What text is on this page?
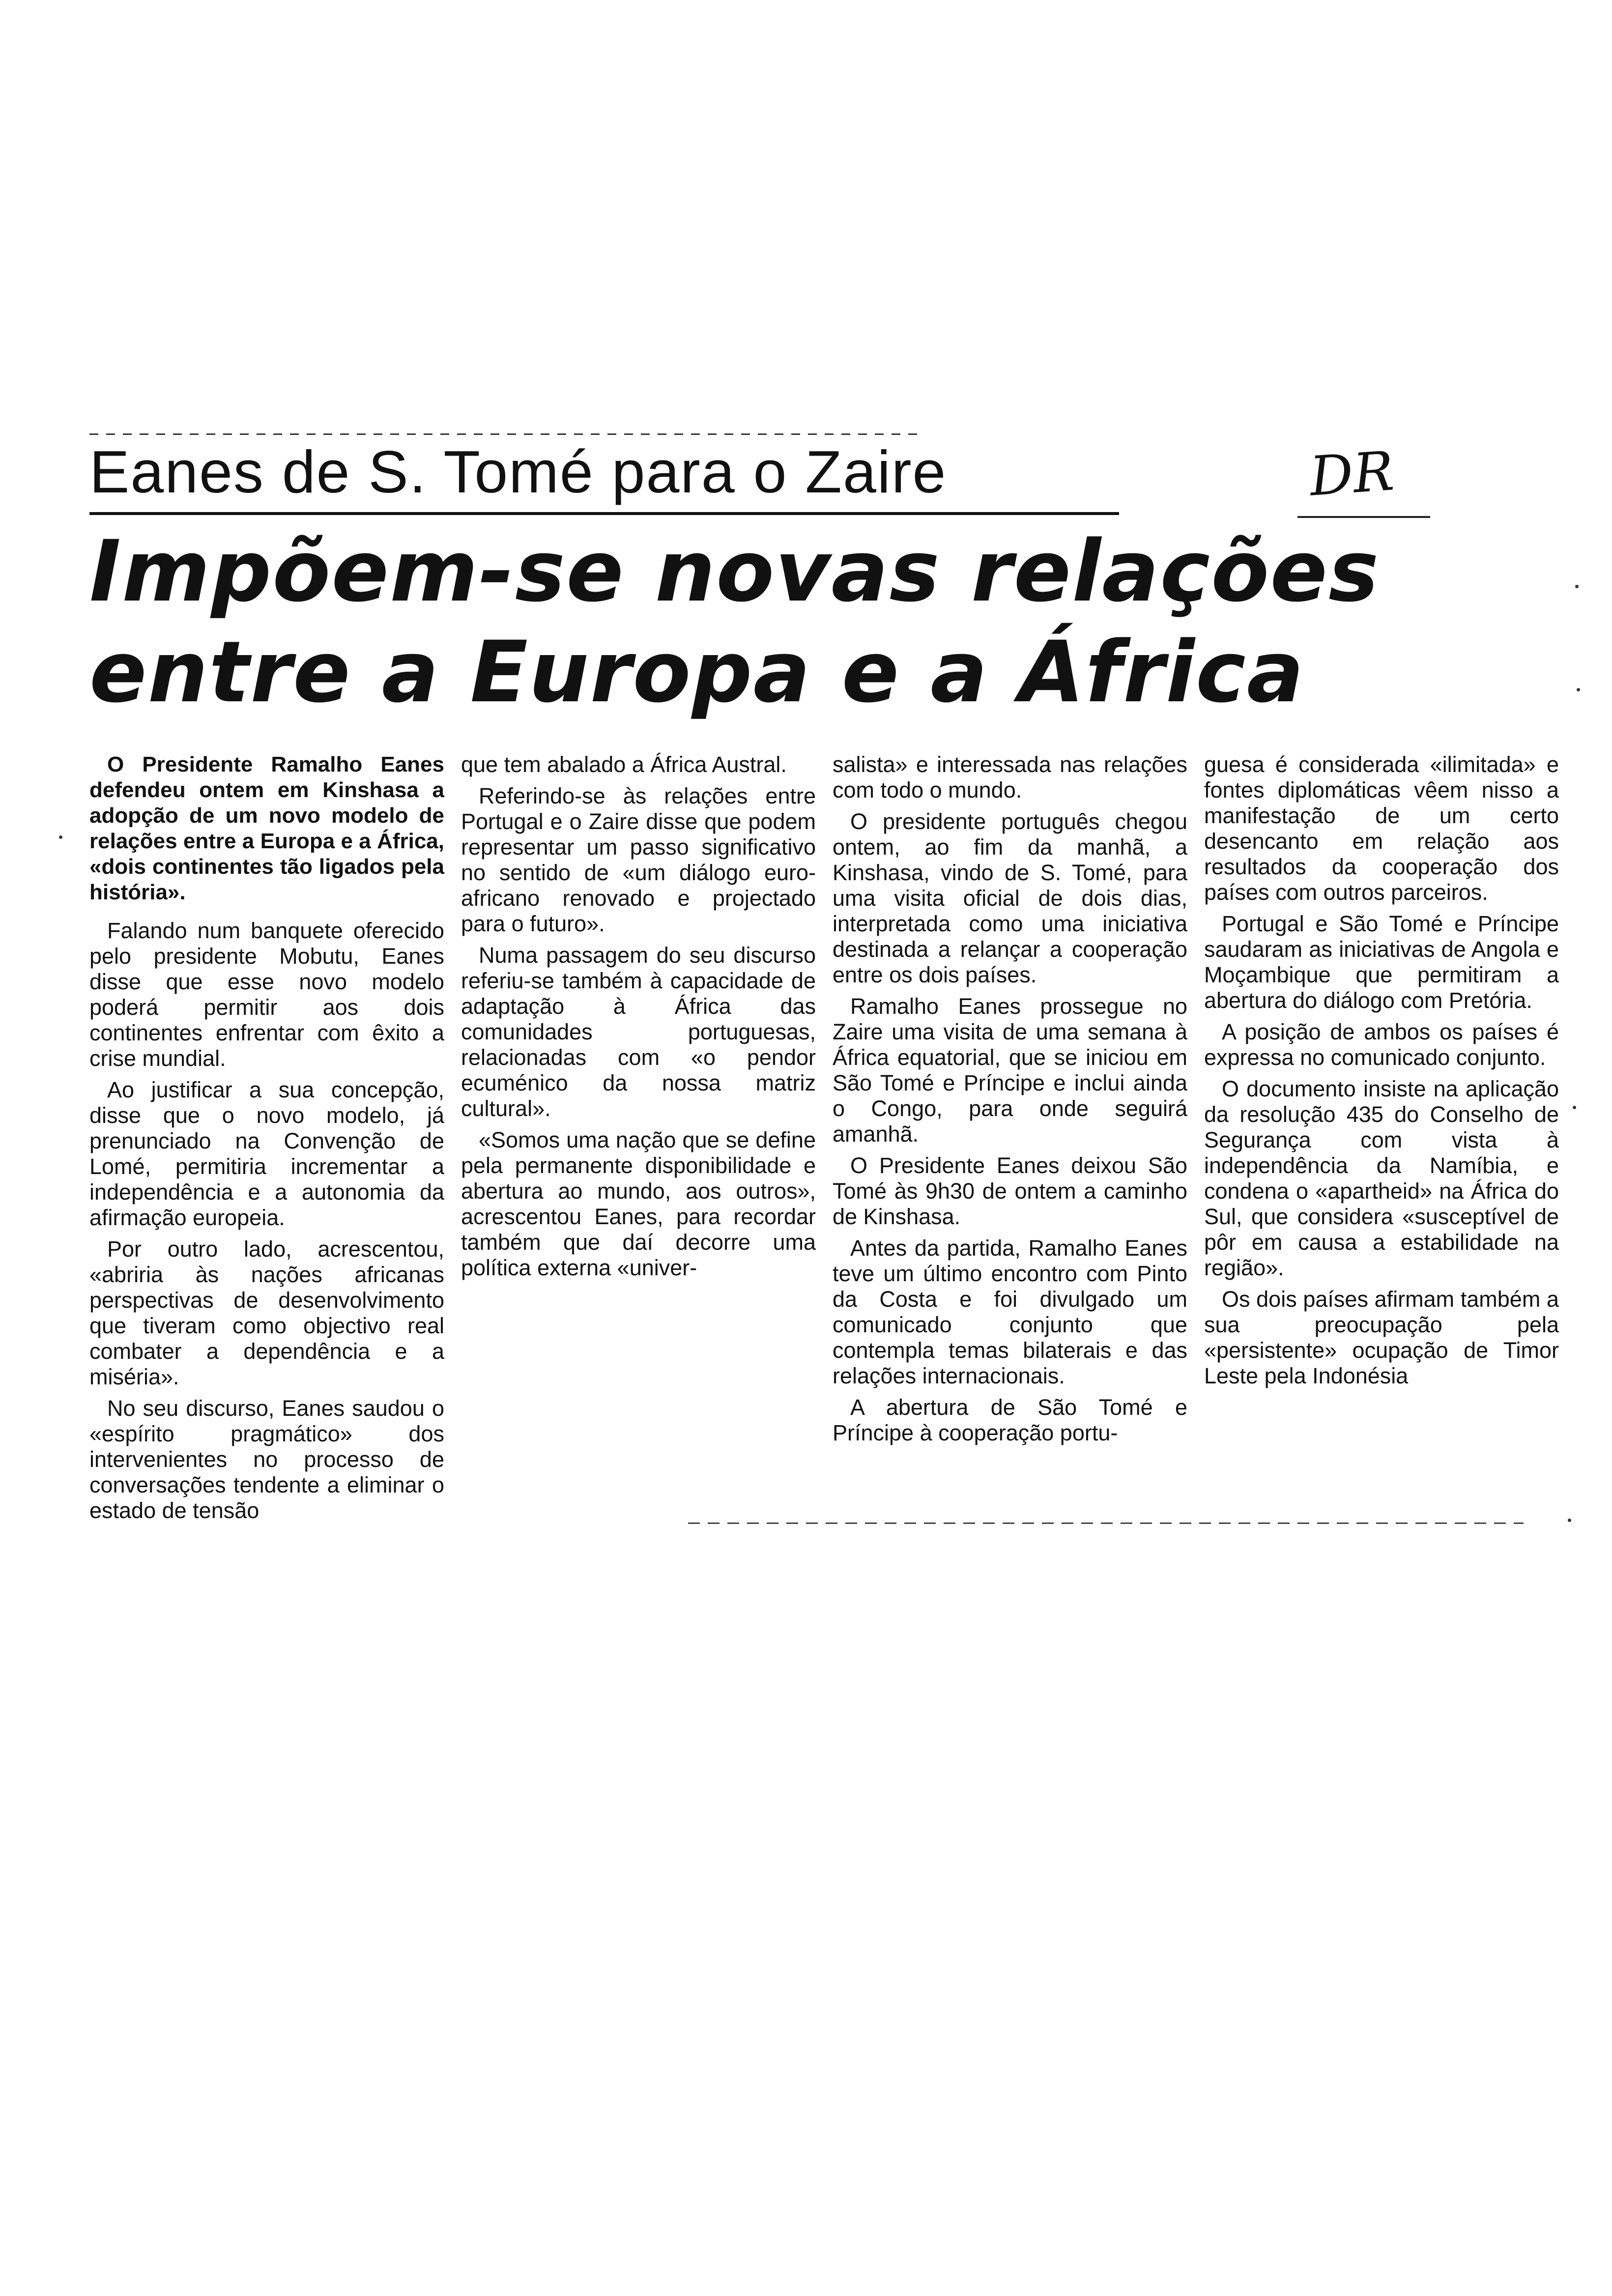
Eanes de S. Tomé para o Zaire	DR
Impõem-se novas relações
entre a Europa e a África

O Presidente Ramalho Eanes defendeu ontem em Kinshasa a adopção de um novo modelo de relações entre a Europa e a África, «dois continentes tão ligados pela história».

Falando num banquete oferecido pelo presidente Mobutu, Eanes disse que esse novo modelo poderá permitir aos dois continentes enfrentar com êxito a crise mundial.

Ao justificar a sua concepção, disse que o novo modelo, já prenunciado na Convenção de Lomé, permitiria incrementar a independência e a autonomia da afirmação europeia.

Por outro lado, acrescentou, «abriria às nações africanas perspectivas de desenvolvimento que tiveram como objectivo real combater a dependência e a miséria».

No seu discurso, Eanes saudou o «espírito pragmático» dos intervenientes no processo de conversações tendente a eliminar o estado de tensão

que tem abalado a África Austral.

Referindo-se às relações entre Portugal e o Zaire disse que podem representar um passo significativo no sentido de «um diálogo euro-africano renovado e projectado para o futuro».

Numa passagem do seu discurso referiu-se também à capacidade de adaptação à África das comunidades portuguesas, relacionadas com «o pendor ecuménico da nossa matriz cultural».

«Somos uma nação que se define pela permanente disponibilidade e abertura ao mundo, aos outros», acrescentou Eanes, para recordar também que daí decorre uma política externa «univer-

salista» e interessada nas relações com todo o mundo.

O presidente português chegou ontem, ao fim da manhã, a Kinshasa, vindo de S. Tomé, para uma visita oficial de dois dias, interpretada como uma iniciativa destinada a relançar a cooperação entre os dois países.

Ramalho Eanes prossegue no Zaire uma visita de uma semana à África equatorial, que se iniciou em São Tomé e Príncipe e inclui ainda o Congo, para onde seguirá amanhã.

O Presidente Eanes deixou São Tomé às 9h30 de ontem a caminho de Kinshasa.

Antes da partida, Ramalho Eanes teve um último encontro com Pinto da Costa e foi divulgado um comunicado conjunto que contempla temas bilaterais e das relações internacionais.

A abertura de São Tomé e Príncipe à cooperação portu-

guesa é considerada «ilimitada» e fontes diplomáticas vêem nisso a manifestação de um certo desencanto em relação aos resultados da cooperação dos países com outros parceiros.

Portugal e São Tomé e Príncipe saudaram as iniciativas de Angola e Moçambique que permitiram a abertura do diálogo com Pretória.

A posição de ambos os países é expressa no comunicado conjunto.

O documento insiste na aplicação da resolução 435 do Conselho de Segurança com vista à independência da Namíbia, e condena o «apartheid» na África do Sul, que considera «susceptível de pôr em causa a estabilidade na região».

Os dois países afirmam também a sua preocupação pela «persistente» ocupação de Timor Leste pela Indonésia
